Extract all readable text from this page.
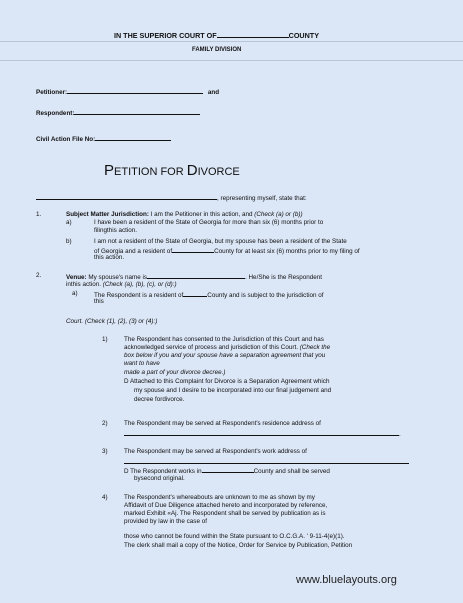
IN THE SUPERIOR COURT OF	COUNTY
FAMILY DIVISION
Petitioner:	and
Respondent:
Civil Action File No:
PETITION FOR DIVORCE
, representing myself, state that:
1.	Subject Matter Jurisdiction: I am the Petitioner in this action, and (Check (a) or (b))
a)	I have been a resident of the State of Georgia for more than six (6) months prior to
filingthis action.
b)	I am not a resident of the State of Georgia, but my spouse has been a resident of the State
of Georgia and a resident of	County for at least six (6) months prior to my filing of
this action.
2.	Venue: My spouse's name is	. He/She is the Respondent
inthis action. (Check (a), (b), (c), or (d):)
a)	The Respondent is a resident of	County and is subject to the jurisdiction of
this
Court. (Check (1), (2), (3) or (4):)
1)	The Respondent has consented to the Jurisdiction of this Court and has
acknowledged service of process and jurisdiction of this Court. (Check the
box below if you and your spouse have a separation agreement that you
want to have
made a part of your divorce decree.)
D Attached to this Complaint for Divorce is a Separation Agreement which
my spouse and I desire to be incorporated into our final judgement and
decree fordivorce.
2)	The Respondent may be served at Respondent's residence address of
.
3)	The Respondent may be served at Respondent's work address of
D The Respondent works in	County and shall be served
bysecond original.
4)	The Respondent's whereabouts are unknown to me as shown by my
Affidavit of Due Diligence attached hereto and incorporated by reference,
marked Exhibit «Aj. The Respondent shall be served by publication as is
provided by law in the case of
those who cannot be found within the State pursuant to O.C.G.A. ' 9-11-4(e)(1).
The clerk shall mail a copy of the Notice, Order for Service by Publication, Petition
www.bluelayouts.org
